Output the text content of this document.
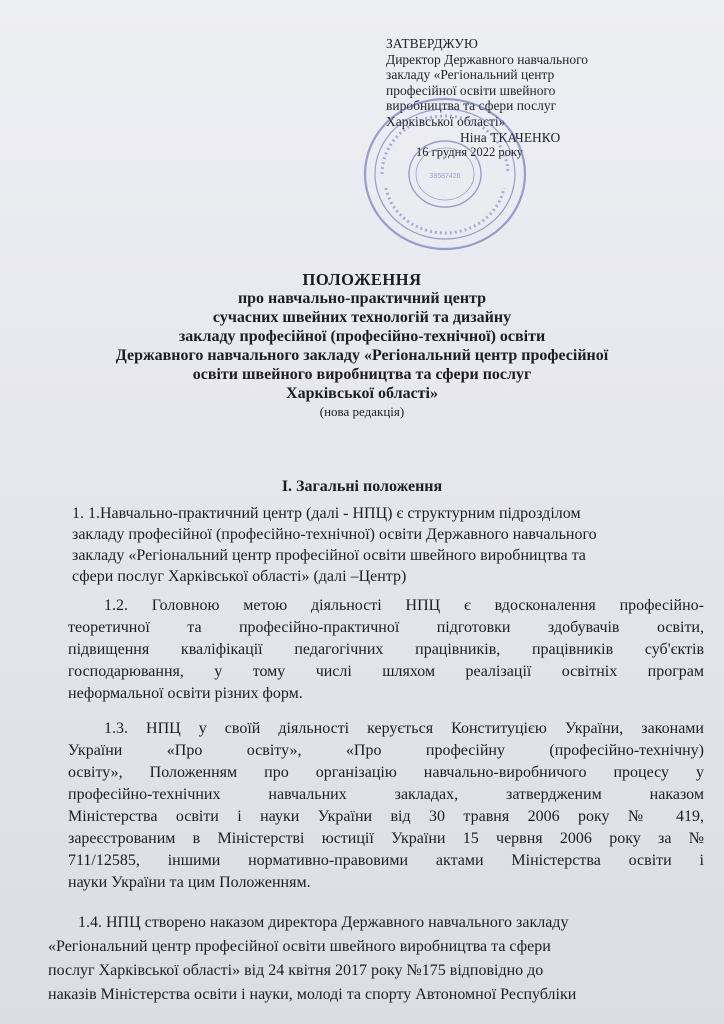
ЗАТВЕРДЖУЮ
Директор Державного навчального
закладу «Регіональний центр
професійної освіти швейного
виробництва та сфери послуг
Харківської області»
Ніна ТКАЧЕНКО
16 грудня 2022 року
38587426
ПОЛОЖЕННЯ
про навчально-практичний центр
сучасних швейних технологій та дизайну
закладу професійної (професійно-технічної) освіти
Державного навчального закладу «Регіональний центр професійної
освіти швейного виробництва та сфери послуг
Харківської області»
(нова редакція)
І. Загальні положення
1. 1.Навчально-практичний центр (далі - НПЦ) є структурним підрозділом
закладу професійної (професійно-технічної) освіти Державного навчального
закладу «Регіональний центр професійної освіти швейного виробництва та
сфери послуг Харківської області» (далі –Центр)
1.2. Головною метою діяльності НПЦ є вдосконалення професійно-
теоретичної та професійно-практичної підготовки здобувачів освіти,
підвищення кваліфікації педагогічних працівників, працівників суб'єктів
господарювання, у тому числі шляхом реалізації освітніх програм
неформальної освіти різних форм.
1.3. НПЦ у своїй діяльності керується Конституцією України, законами
України «Про освіту», «Про професійну (професійно-технічну)
освіту», Положенням про організацію навчально-виробничого процесу у
професійно-технічних навчальних закладах, затвердженим наказом
Міністерства освіти і науки України від 30 травня 2006 року № 419,
зареєстрованим в Міністерстві юстиції України 15 червня 2006 року за №
711/12585, іншими нормативно-правовими актами Міністерства освіти і
науки України та цим Положенням.
1.4. НПЦ створено наказом директора Державного навчального закладу
«Регіональний центр професійної освіти швейного виробництва та сфери
послуг Харківської області» від 24 квітня 2017 року №175 відповідно до
наказів Міністерства освіти і науки, молоді та спорту Автономної Республіки
